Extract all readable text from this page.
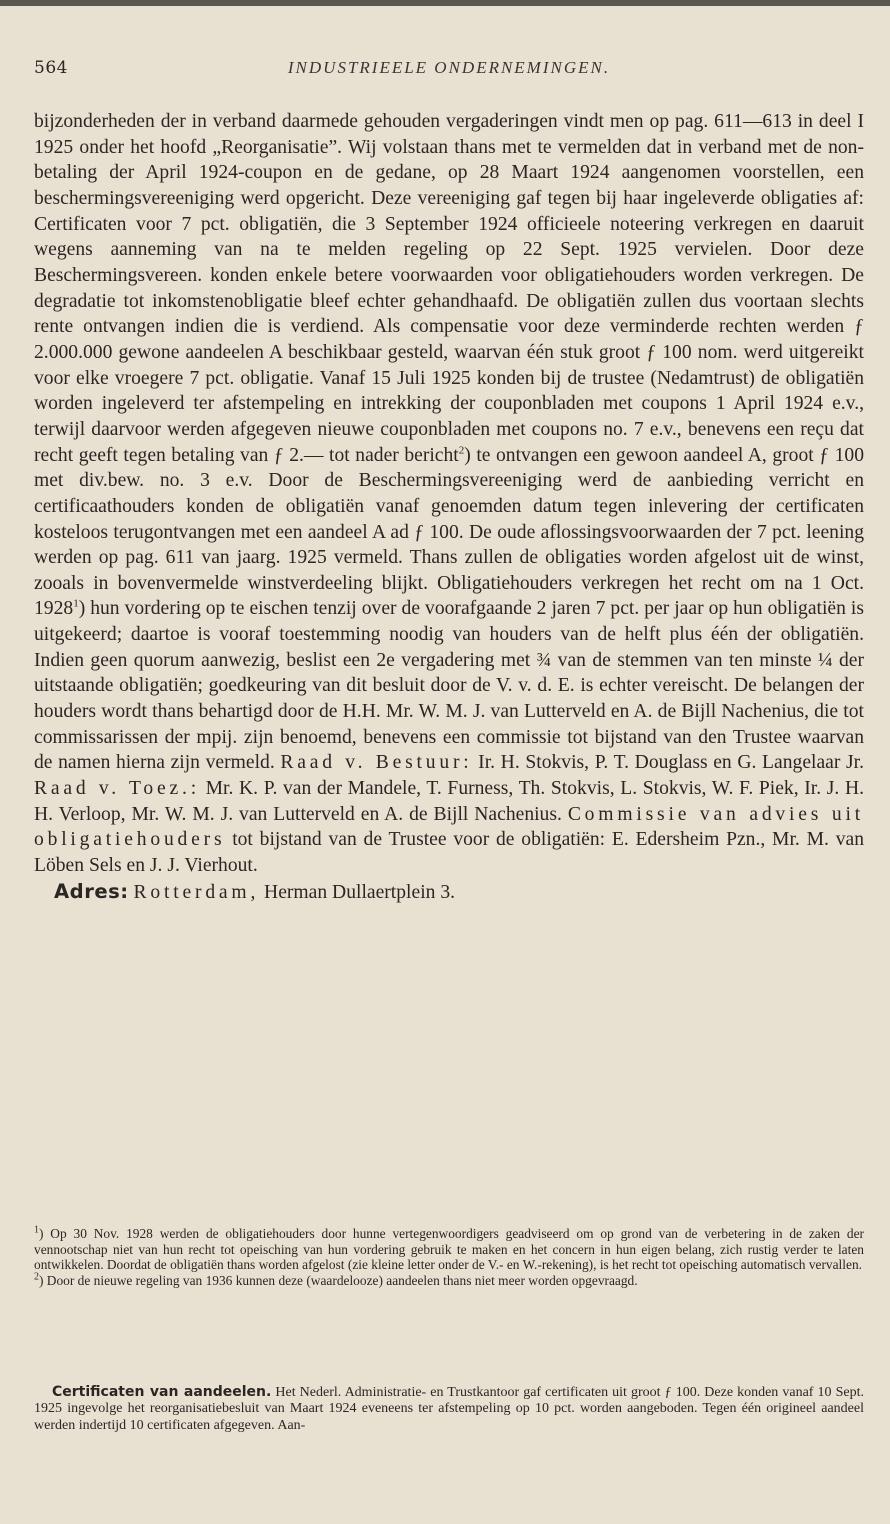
564	INDUSTRIEELE ONDERNEMINGEN.

bijzonderheden der in verband daarmede gehouden vergaderingen vindt men op pag. 611—613 in deel I 1925 onder het hoofd „Reorganisatie”. Wij volstaan thans met te vermelden dat in verband met de non-betaling der April 1924-coupon en de gedane, op 28 Maart 1924 aangenomen voorstellen, een beschermingsvereeniging werd opgericht. Deze vereeniging gaf tegen bij haar ingeleverde obligaties af: Certificaten voor 7 pct. obligatiën, die 3 September 1924 officieele noteering verkregen en daaruit wegens aanneming van na te melden regeling op 22 Sept. 1925 vervielen. Door deze Beschermingsvereen. konden enkele betere voorwaarden voor obligatiehouders worden verkregen. De degradatie tot inkomstenobligatie bleef echter gehandhaafd. De obligatiën zullen dus voortaan slechts rente ontvangen indien die is verdiend. Als compensatie voor deze verminderde rechten werden ƒ 2.000.000 gewone aandeelen A beschikbaar gesteld, waarvan één stuk groot ƒ 100 nom. werd uitgereikt voor elke vroegere 7 pct. obligatie. Vanaf 15 Juli 1925 konden bij de trustee (Nedamtrust) de obligatiën worden ingeleverd ter afstempeling en intrekking der couponbladen met coupons 1 April 1924 e.v., terwijl daarvoor werden afgegeven nieuwe couponbladen met coupons no. 7 e.v., benevens een reçu dat recht geeft tegen betaling van ƒ 2.— tot nader bericht$^2$) te ontvangen een gewoon aandeel A, groot ƒ 100 met div.bew. no. 3 e.v. Door de Beschermingsvereeniging werd de aanbieding verricht en certificaathouders konden de obligatiën vanaf genoemden datum tegen inlevering der certificaten kosteloos terugontvangen met een aandeel A ad ƒ 100. De oude aflossingsvoorwaarden der 7 pct. leening werden op pag. 611 van jaarg. 1925 vermeld. Thans zullen de obligaties worden afgelost uit de winst, zooals in bovenvermelde winstverdeeling blijkt. Obligatiehouders verkregen het recht om na 1 Oct. 1928$^1$) hun vordering op te eischen tenzij over de voorafgaande 2 jaren 7 pct. per jaar op hun obligatiën is uitgekeerd; daartoe is vooraf toestemming noodig van houders van de helft plus één der obligatiën. Indien geen quorum aanwezig, beslist een 2e vergadering met ¾ van de stemmen van ten minste ¼ der uitstaande obligatiën; goedkeuring van dit besluit door de V. v. d. E. is echter vereischt. De belangen der houders wordt thans behartigd door de H.H. Mr. W. M. J. van Lutterveld en A. de Bijll Nachenius, die tot commissarissen der mpij. zijn benoemd, benevens een commissie tot bijstand van den Trustee waarvan de namen hierna zijn vermeld. Raad v. Bestuur: Ir. H. Stokvis, P. T. Douglass en G. Langelaar Jr. Raad v. Toez.: Mr. K. P. van der Mandele, T. Furness, Th. Stokvis, L. Stokvis, W. F. Piek, Ir. J. H. H. Verloop, Mr. W. M. J. van Lutterveld en A. de Bijll Nachenius. Commissie van advies uit obligatiehouders tot bijstand van de Trustee voor de obligatiën: E. Edersheim Pzn., Mr. M. van Löben Sels en J. J. Vierhout.

Adres: Rotterdam, Herman Dullaertplein 3.

$^1$) Op 30 Nov. 1928 werden de obligatiehouders door hunne vertegenwoordigers geadviseerd om op grond van de verbetering in de zaken der vennootschap niet van hun recht tot opeisching van hun vordering gebruik te maken en het concern in hun eigen belang, zich rustig verder te laten ontwikkelen. Doordat de obligatiën thans worden afgelost (zie kleine letter onder de V.- en W.-rekening), is het recht tot opeisching automatisch vervallen.

$^2$) Door de nieuwe regeling van 1936 kunnen deze (waardelooze) aandeelen thans niet meer worden opgevraagd.

Certificaten van aandeelen. Het Nederl. Administratie- en Trustkantoor gaf certificaten uit groot ƒ 100. Deze konden vanaf 10 Sept. 1925 ingevolge het reorganisatiebesluit van Maart 1924 eveneens ter afstempeling op 10 pct. worden aangeboden. Tegen één origineel aandeel werden indertijd 10 certificaten afgegeven. Aan-
